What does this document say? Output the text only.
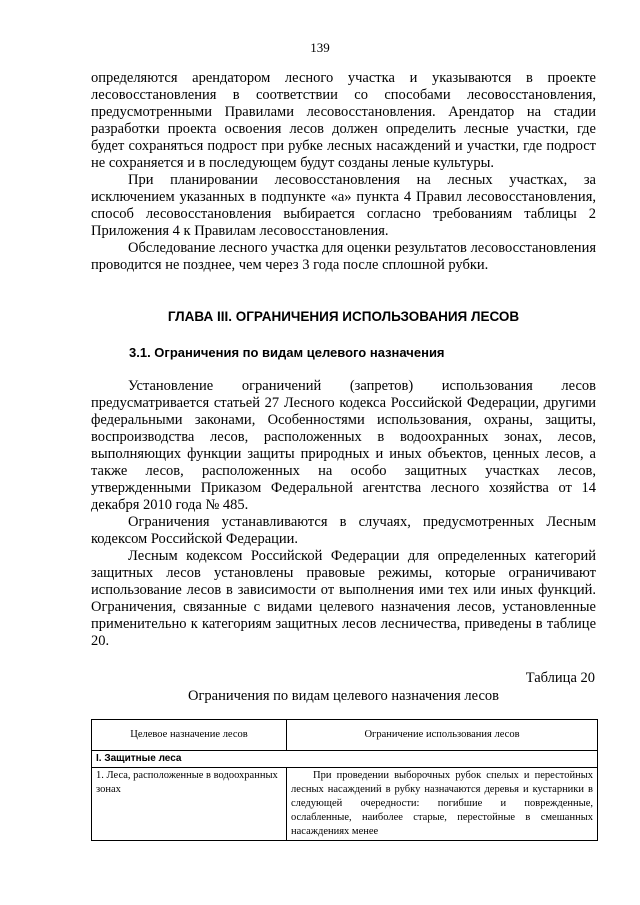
139

определяются арендатором лесного участка и указываются в проекте лесовосстановления в соответствии со способами лесовосстановления, предусмотренными Правилами лесовосстановления. Арендатор на стадии разработки проекта освоения лесов должен определить лесные участки, где будет сохраняться подрост при рубке лесных насаждений и участки, где подрост не сохраняется и в последующем будут созданы леные культуры.

При планировании лесовосстановления на лесных участках, за исключением указанных в подпункте «а» пункта 4 Правил лесовосстановления, способ лесовосстановления выбирается согласно требованиям таблицы 2 Приложения 4 к Правилам лесовосстановления.

Обследование лесного участка для оценки результатов лесовосстановления проводится не позднее, чем через 3 года после сплошной рубки.

ГЛАВА III. ОГРАНИЧЕНИЯ ИСПОЛЬЗОВАНИЯ ЛЕСОВ
3.1. Ограничения по видам целевого назначения

Установление ограничений (запретов) использования лесов предусматривается статьей 27 Лесного кодекса Российской Федерации, другими федеральными законами, Особенностями использования, охраны, защиты, воспроизводства лесов, расположенных в водоохранных зонах, лесов, выполняющих функции защиты природных и иных объектов, ценных лесов, а также лесов, расположенных на особо защитных участках лесов, утвержденными Приказом Федеральной агентства лесного хозяйства от 14 декабря 2010 года № 485.

Ограничения устанавливаются в случаях, предусмотренных Лесным кодексом Российской Федерации.

Лесным кодексом Российской Федерации для определенных категорий защитных лесов установлены правовые режимы, которые ограничивают использование лесов в зависимости от выполнения ими тех или иных функций. Ограничения, связанные с видами целевого назначения лесов, установленные применительно к категориям защитных лесов лесничества, приведены в таблице 20.

Таблица 20
Ограничения по видам целевого назначения лесов
Целевое назначение лесов	Ограничение использования лесов
I. Защитные леса	
1. Леса, расположенные в водоохранных зонах	При проведении выборочных рубок спелых и перестойных лесных насаждений в рубку назначаются деревья и кустарники в следующей очередности: погибшие и поврежденные, ослабленные, наиболее старые, перестойные в смешанных насаждениях менее
